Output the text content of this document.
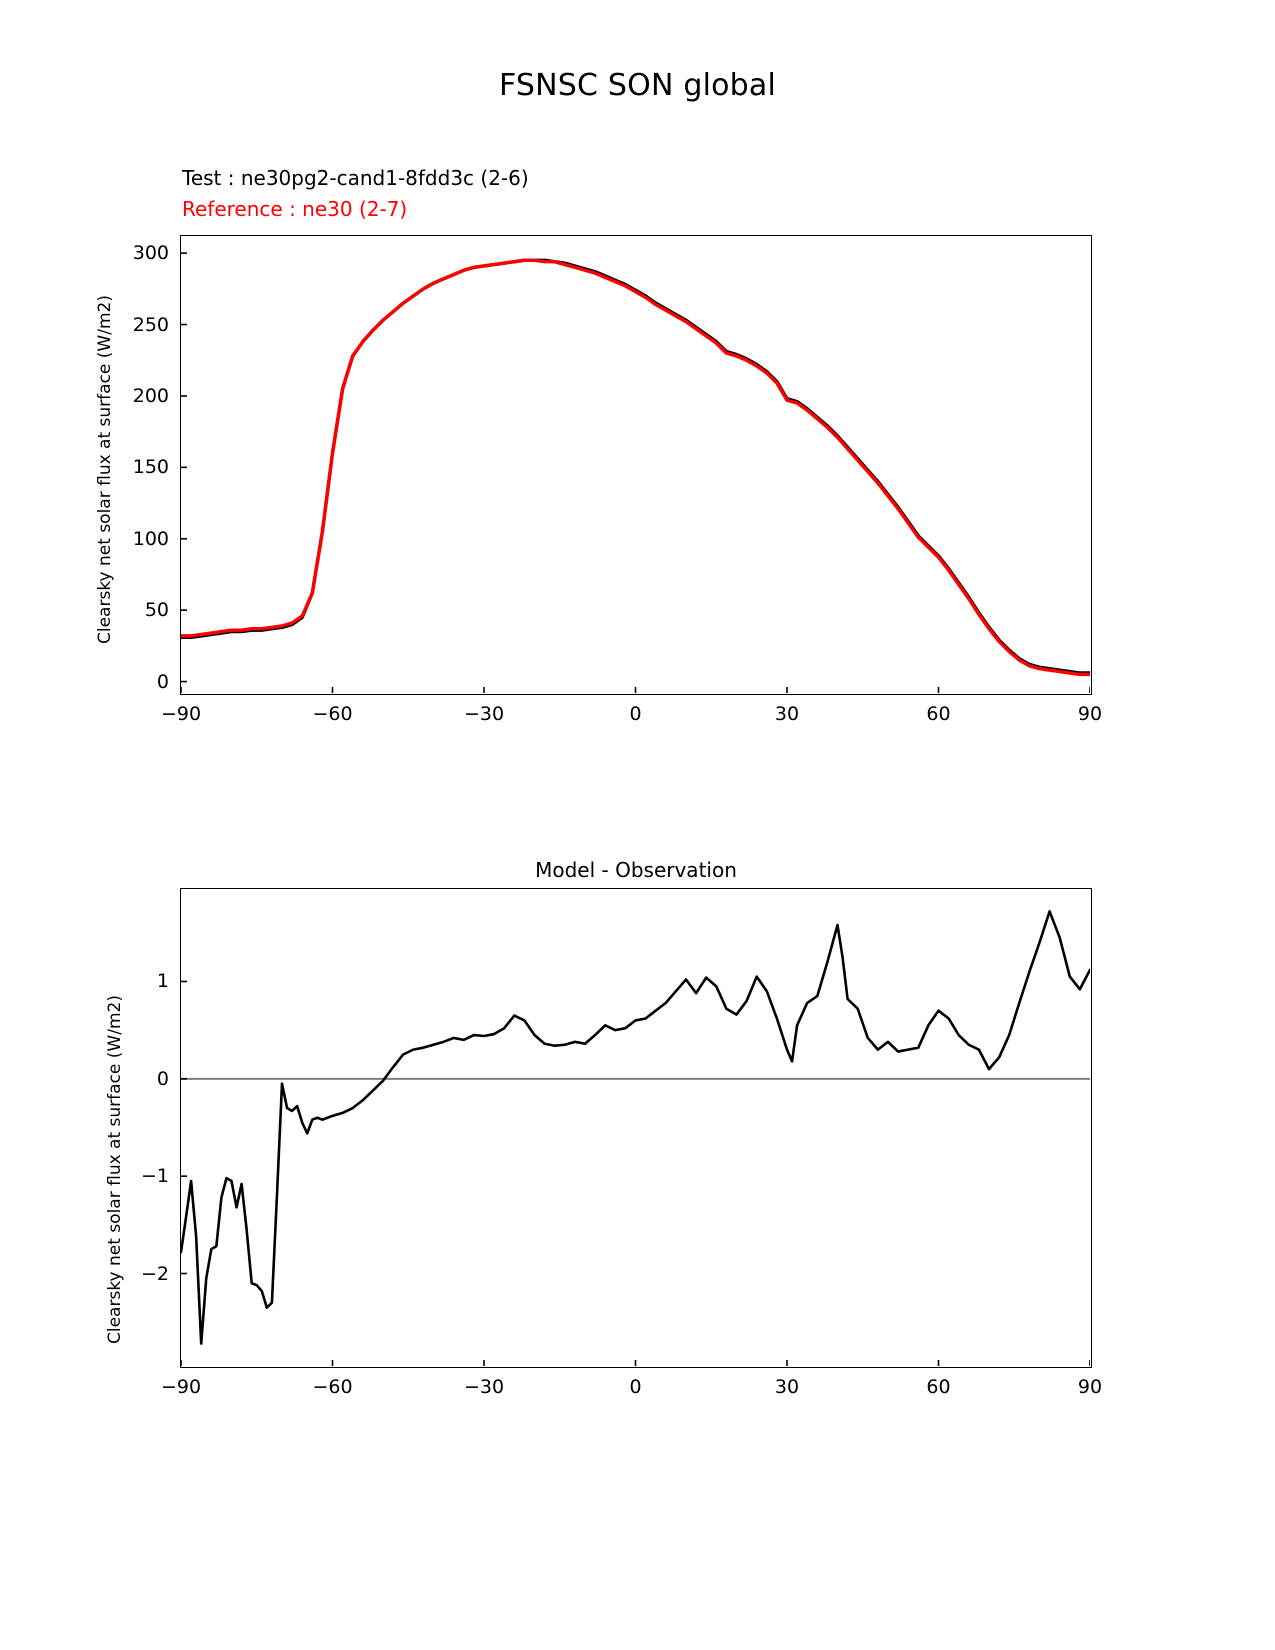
FSNSC SON global
Test : ne30pg2-cand1-8fdd3c (2-6)
Reference : ne30 (2-7)
Clearsky net solar flux at surface (W/m2)
−90	−60	−30	0	30	60	90
0
50
100
150
200
250
300
Model - Observation
Clearsky net solar flux at surface (W/m2)
−90	−60	−30	0	30	60	90
−2
−1
0
1
